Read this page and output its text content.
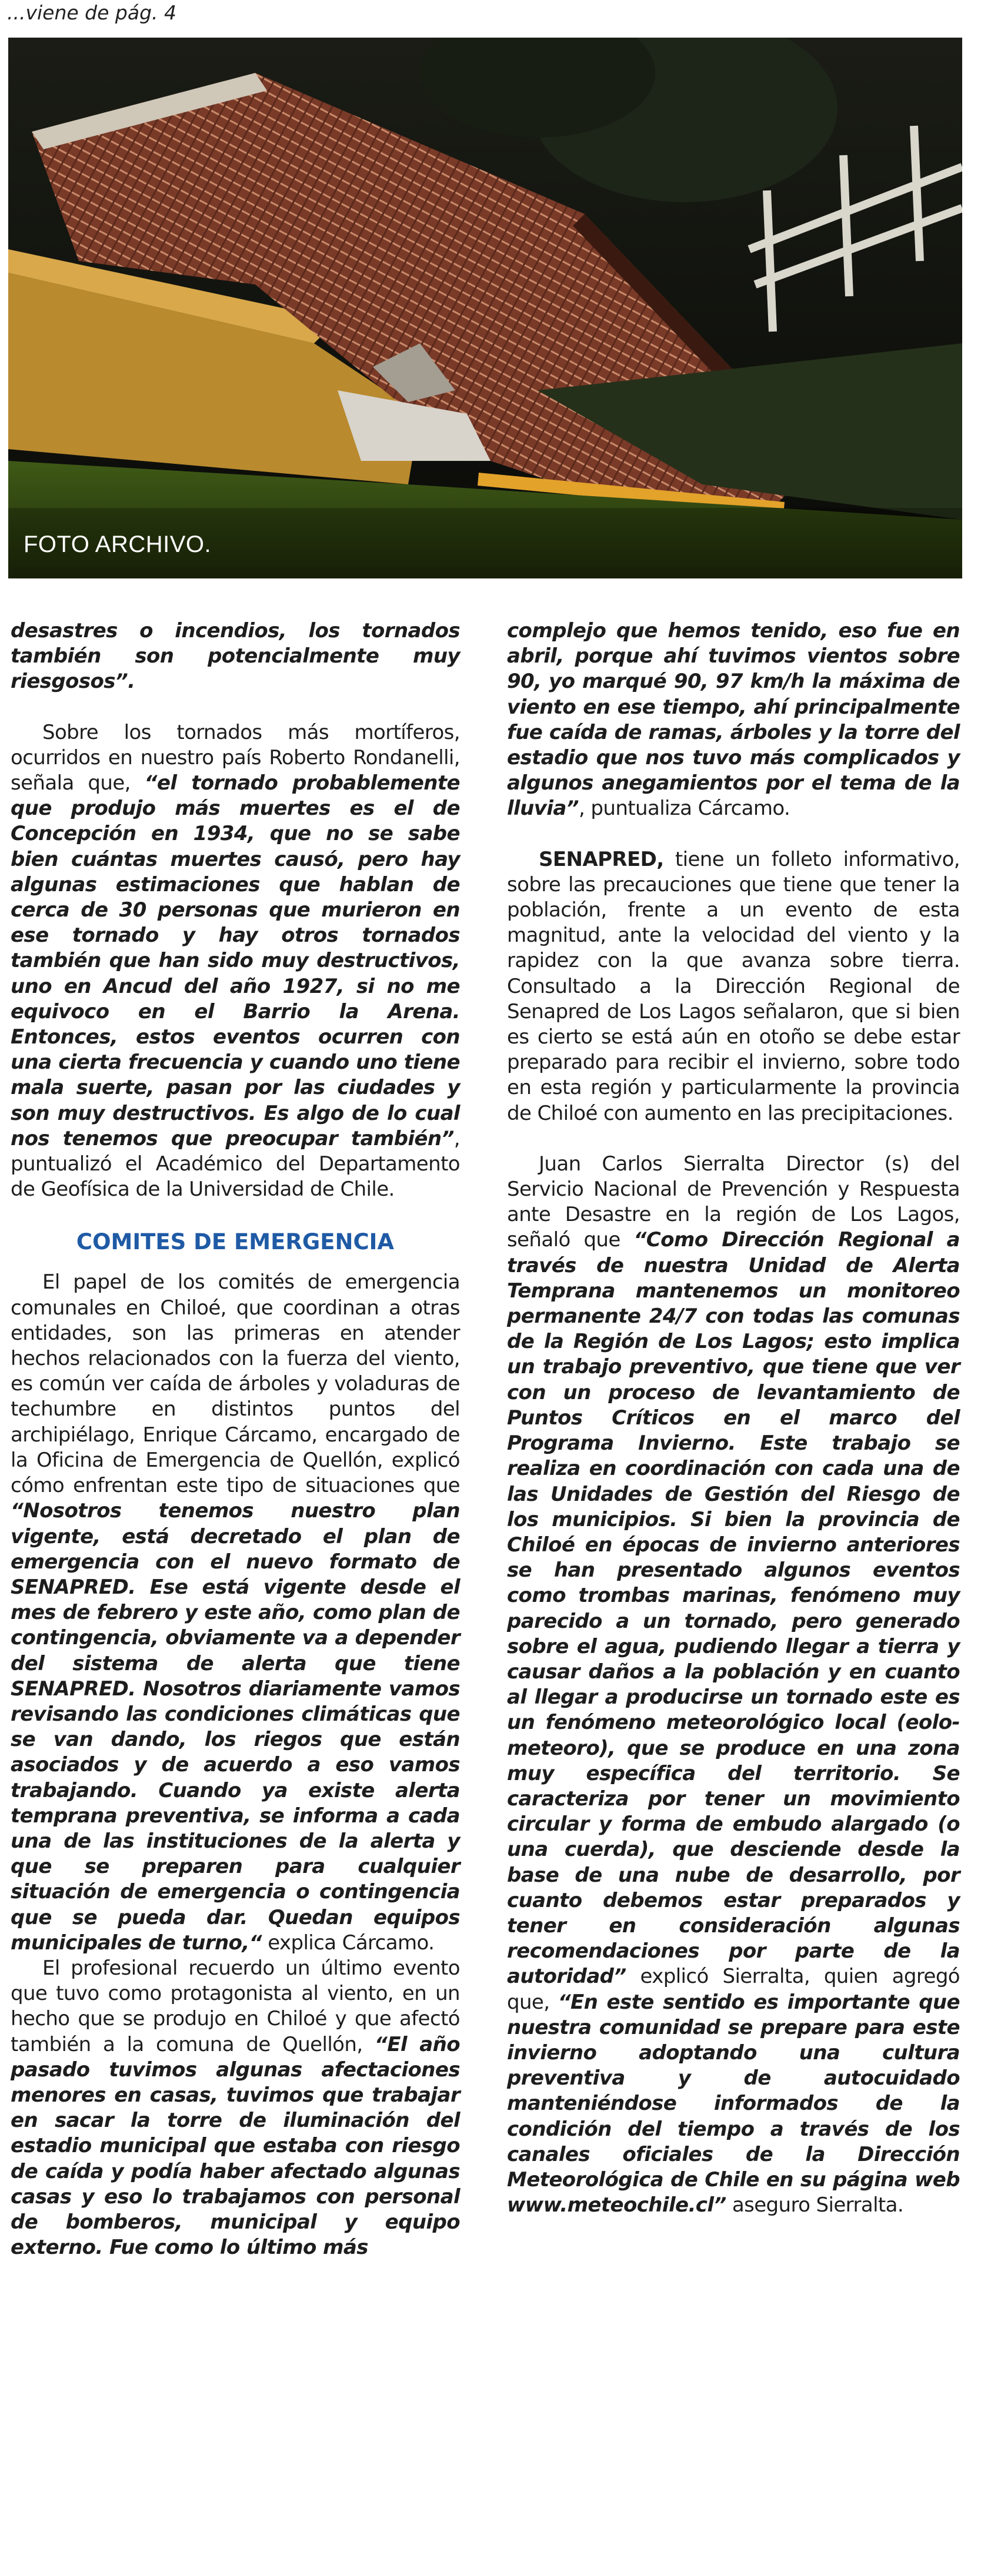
...viene de pág. 4
FOTO ARCHIVO.

desastres o incendios, los tornados también son potencialmente muy riesgosos”.

Sobre los tornados más mortíferos, ocurridos en nuestro país Roberto Rondanelli, señala que, “el tornado probablemente que produjo más muertes es el de Concepción en 1934, que no se sabe bien cuántas muertes causó, pero hay algunas estimaciones que hablan de cerca de 30 personas que murieron en ese tornado y hay otros tornados también que han sido muy destructivos, uno en Ancud del año 1927, si no me equivoco en el Barrio la Arena. Entonces, estos eventos ocurren con una cierta frecuencia y cuando uno tiene mala suerte, pasan por las ciudades y son muy destructivos. Es algo de lo cual nos tenemos que preocupar también”, puntualizó el Académico del Departamento de Geofísica de la Universidad de Chile.

COMITES DE EMERGENCIA

El papel de los comités de emergencia comunales en Chiloé, que coordinan a otras entidades, son las primeras en atender hechos relacionados con la fuerza del viento, es común ver caída de árboles y voladuras de techumbre en distintos puntos del archipiélago, Enrique Cárcamo, encargado de la Oficina de Emergencia de Quellón, explicó cómo enfrentan este tipo de situaciones que “Nosotros tenemos nuestro plan vigente, está decretado el plan de emergencia con el nuevo formato de SENAPRED. Ese está vigente desde el mes de febrero y este año, como plan de contingencia, obviamente va a depender del sistema de alerta que tiene SENAPRED. Nosotros diariamente vamos revisando las condiciones climáticas que se van dando, los riegos que están asociados y de acuerdo a eso vamos trabajando. Cuando ya existe alerta temprana preventiva, se informa a cada una de las instituciones de la alerta y que se preparen para cualquier situación de emergencia o contingencia que se pueda dar. Quedan equipos municipales de turno,“ explica Cárcamo.

El profesional recuerdo un último evento que tuvo como protagonista al viento, en un hecho que se produjo en Chiloé y que afectó también a la comuna de Quellón, “El año pasado tuvimos algunas afectaciones menores en casas, tuvimos que trabajar en sacar la torre de iluminación del estadio municipal que estaba con riesgo de caída y podía haber afectado algunas casas y eso lo trabajamos con personal de bomberos, municipal y equipo externo. Fue como lo último más

complejo que hemos tenido, eso fue en abril, porque ahí tuvimos vientos sobre 90, yo marqué 90, 97 km/h la máxima de viento en ese tiempo, ahí principalmente fue caída de ramas, árboles y la torre del estadio que nos tuvo más complicados y algunos anegamientos por el tema de la lluvia”, puntualiza Cárcamo.

SENAPRED, tiene un folleto informativo, sobre las precauciones que tiene que tener la población, frente a un evento de esta magnitud, ante la velocidad del viento y la rapidez con la que avanza sobre tierra. Consultado a la Dirección Regional de Senapred de Los Lagos señalaron, que si bien es cierto se está aún en otoño se debe estar preparado para recibir el invierno, sobre todo en esta región y particularmente la provincia de Chiloé con aumento en las precipitaciones.

Juan Carlos Sierralta Director (s) del Servicio Nacional de Prevención y Respuesta ante Desastre en la región de Los Lagos, señaló que “Como Dirección Regional a través de nuestra Unidad de Alerta Temprana mantenemos un monitoreo permanente 24/7 con todas las comunas de la Región de Los Lagos; esto implica un trabajo preventivo, que tiene que ver con un proceso de levantamiento de Puntos Críticos en el marco del Programa Invierno. Este trabajo se realiza en coordinación con cada una de las Unidades de Gestión del Riesgo de los municipios. Si bien la provincia de Chiloé en épocas de invierno anteriores se han presentado algunos eventos como trombas marinas, fenómeno muy parecido a un tornado, pero generado sobre el agua, pudiendo llegar a tierra y causar daños a la población y en cuanto al llegar a producirse un tornado este es un fenómeno meteorológico local (eolo-meteoro), que se produce en una zona muy específica del territorio. Se caracteriza por tener un movimiento circular y forma de embudo alargado (o una cuerda), que desciende desde la base de una nube de desarrollo, por cuanto debemos estar preparados y tener en consideración algunas recomendaciones por parte de la autoridad” explicó Sierralta, quien agregó que, “En este sentido es importante que nuestra comunidad se prepare para este invierno adoptando una cultura preventiva y de autocuidado manteniéndose informados de la condición del tiempo a través de los canales oficiales de la Dirección Meteorológica de Chile en su página web www.meteochile.cl” aseguro Sierralta.
